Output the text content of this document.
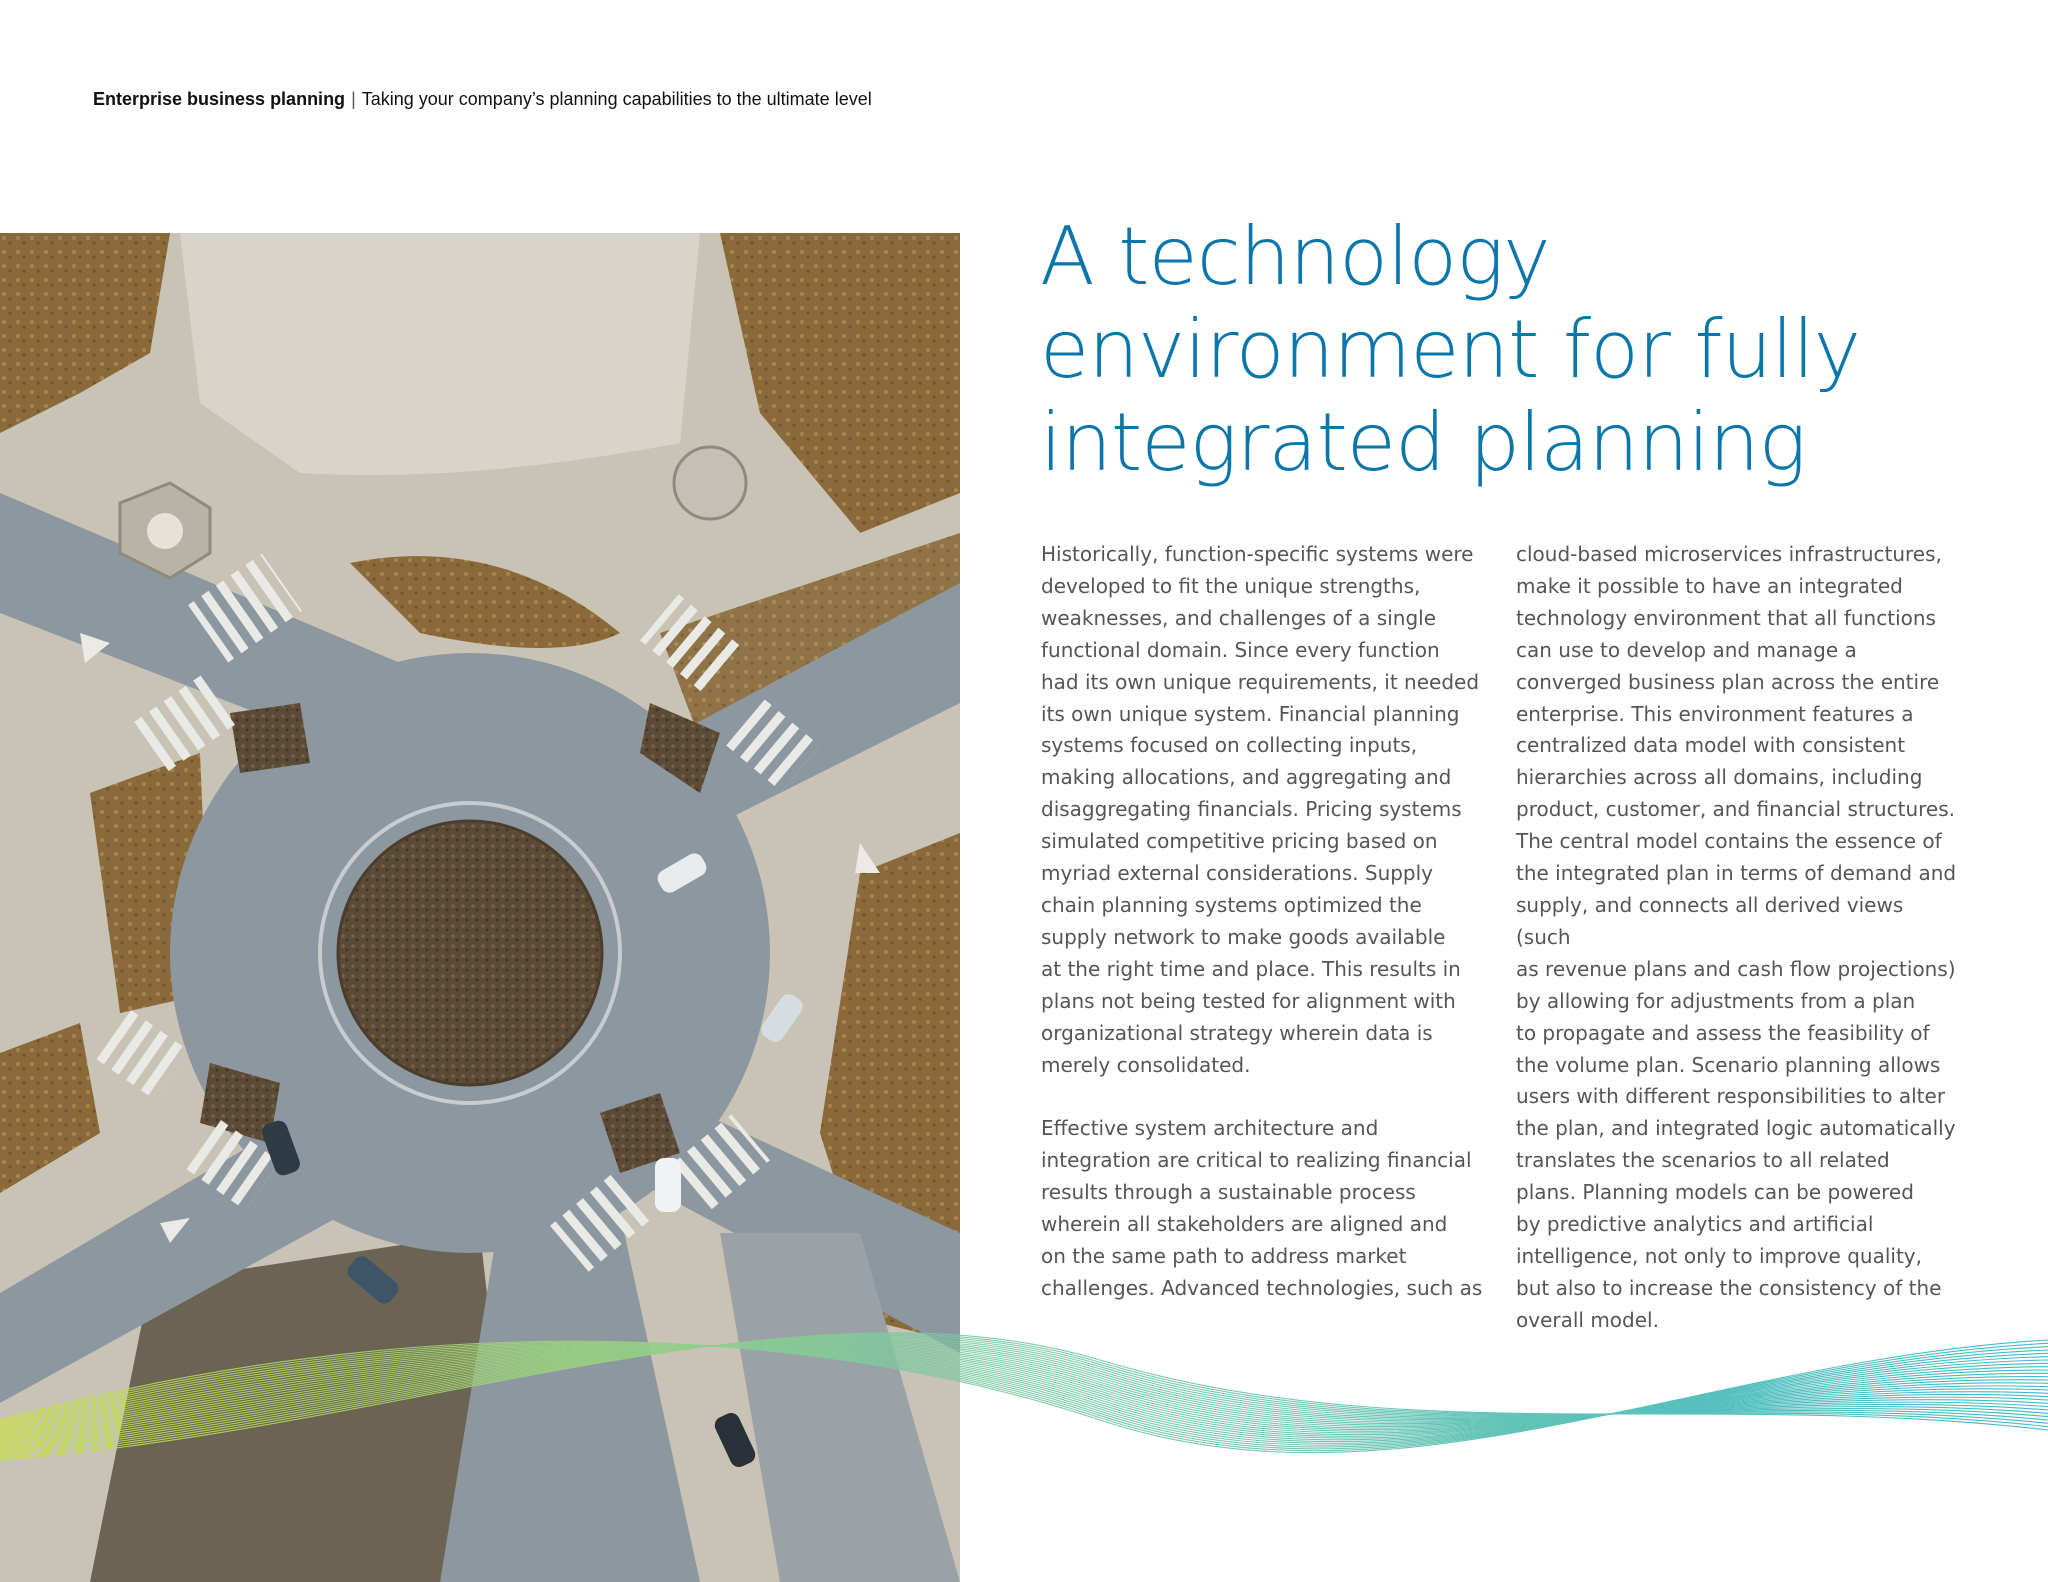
Enterprise business planning | Taking your company’s planning capabilities to the ultimate level
A technology
environment for fully
integrated planning

Historically, function-specific systems were
developed to fit the unique strengths,
weaknesses, and challenges of a single
functional domain. Since every function
had its own unique requirements, it needed
its own unique system. Financial planning
systems focused on collecting inputs,
making allocations, and aggregating and
disaggregating financials. Pricing systems
simulated competitive pricing based on
myriad external considerations. Supply
chain planning systems optimized the
supply network to make goods available
at the right time and place. This results in
plans not being tested for alignment with
organizational strategy wherein data is
merely consolidated.

Effective system architecture and
integration are critical to realizing financial
results through a sustainable process
wherein all stakeholders are aligned and
on the same path to address market
challenges. Advanced technologies, such as

cloud-based microservices infrastructures,
make it possible to have an integrated
technology environment that all functions
can use to develop and manage a
converged business plan across the entire
enterprise. This environment features a
centralized data model with consistent
hierarchies across all domains, including
product, customer, and financial structures.
The central model contains the essence of
the integrated plan in terms of demand and
supply, and connects all derived views (such
as revenue plans and cash flow projections)
by allowing for adjustments from a plan
to propagate and assess the feasibility of
the volume plan. Scenario planning allows
users with different responsibilities to alter
the plan, and integrated logic automatically
translates the scenarios to all related
plans. Planning models can be powered
by predictive analytics and artificial
intelligence, not only to improve quality,
but also to increase the consistency of the
overall model.
